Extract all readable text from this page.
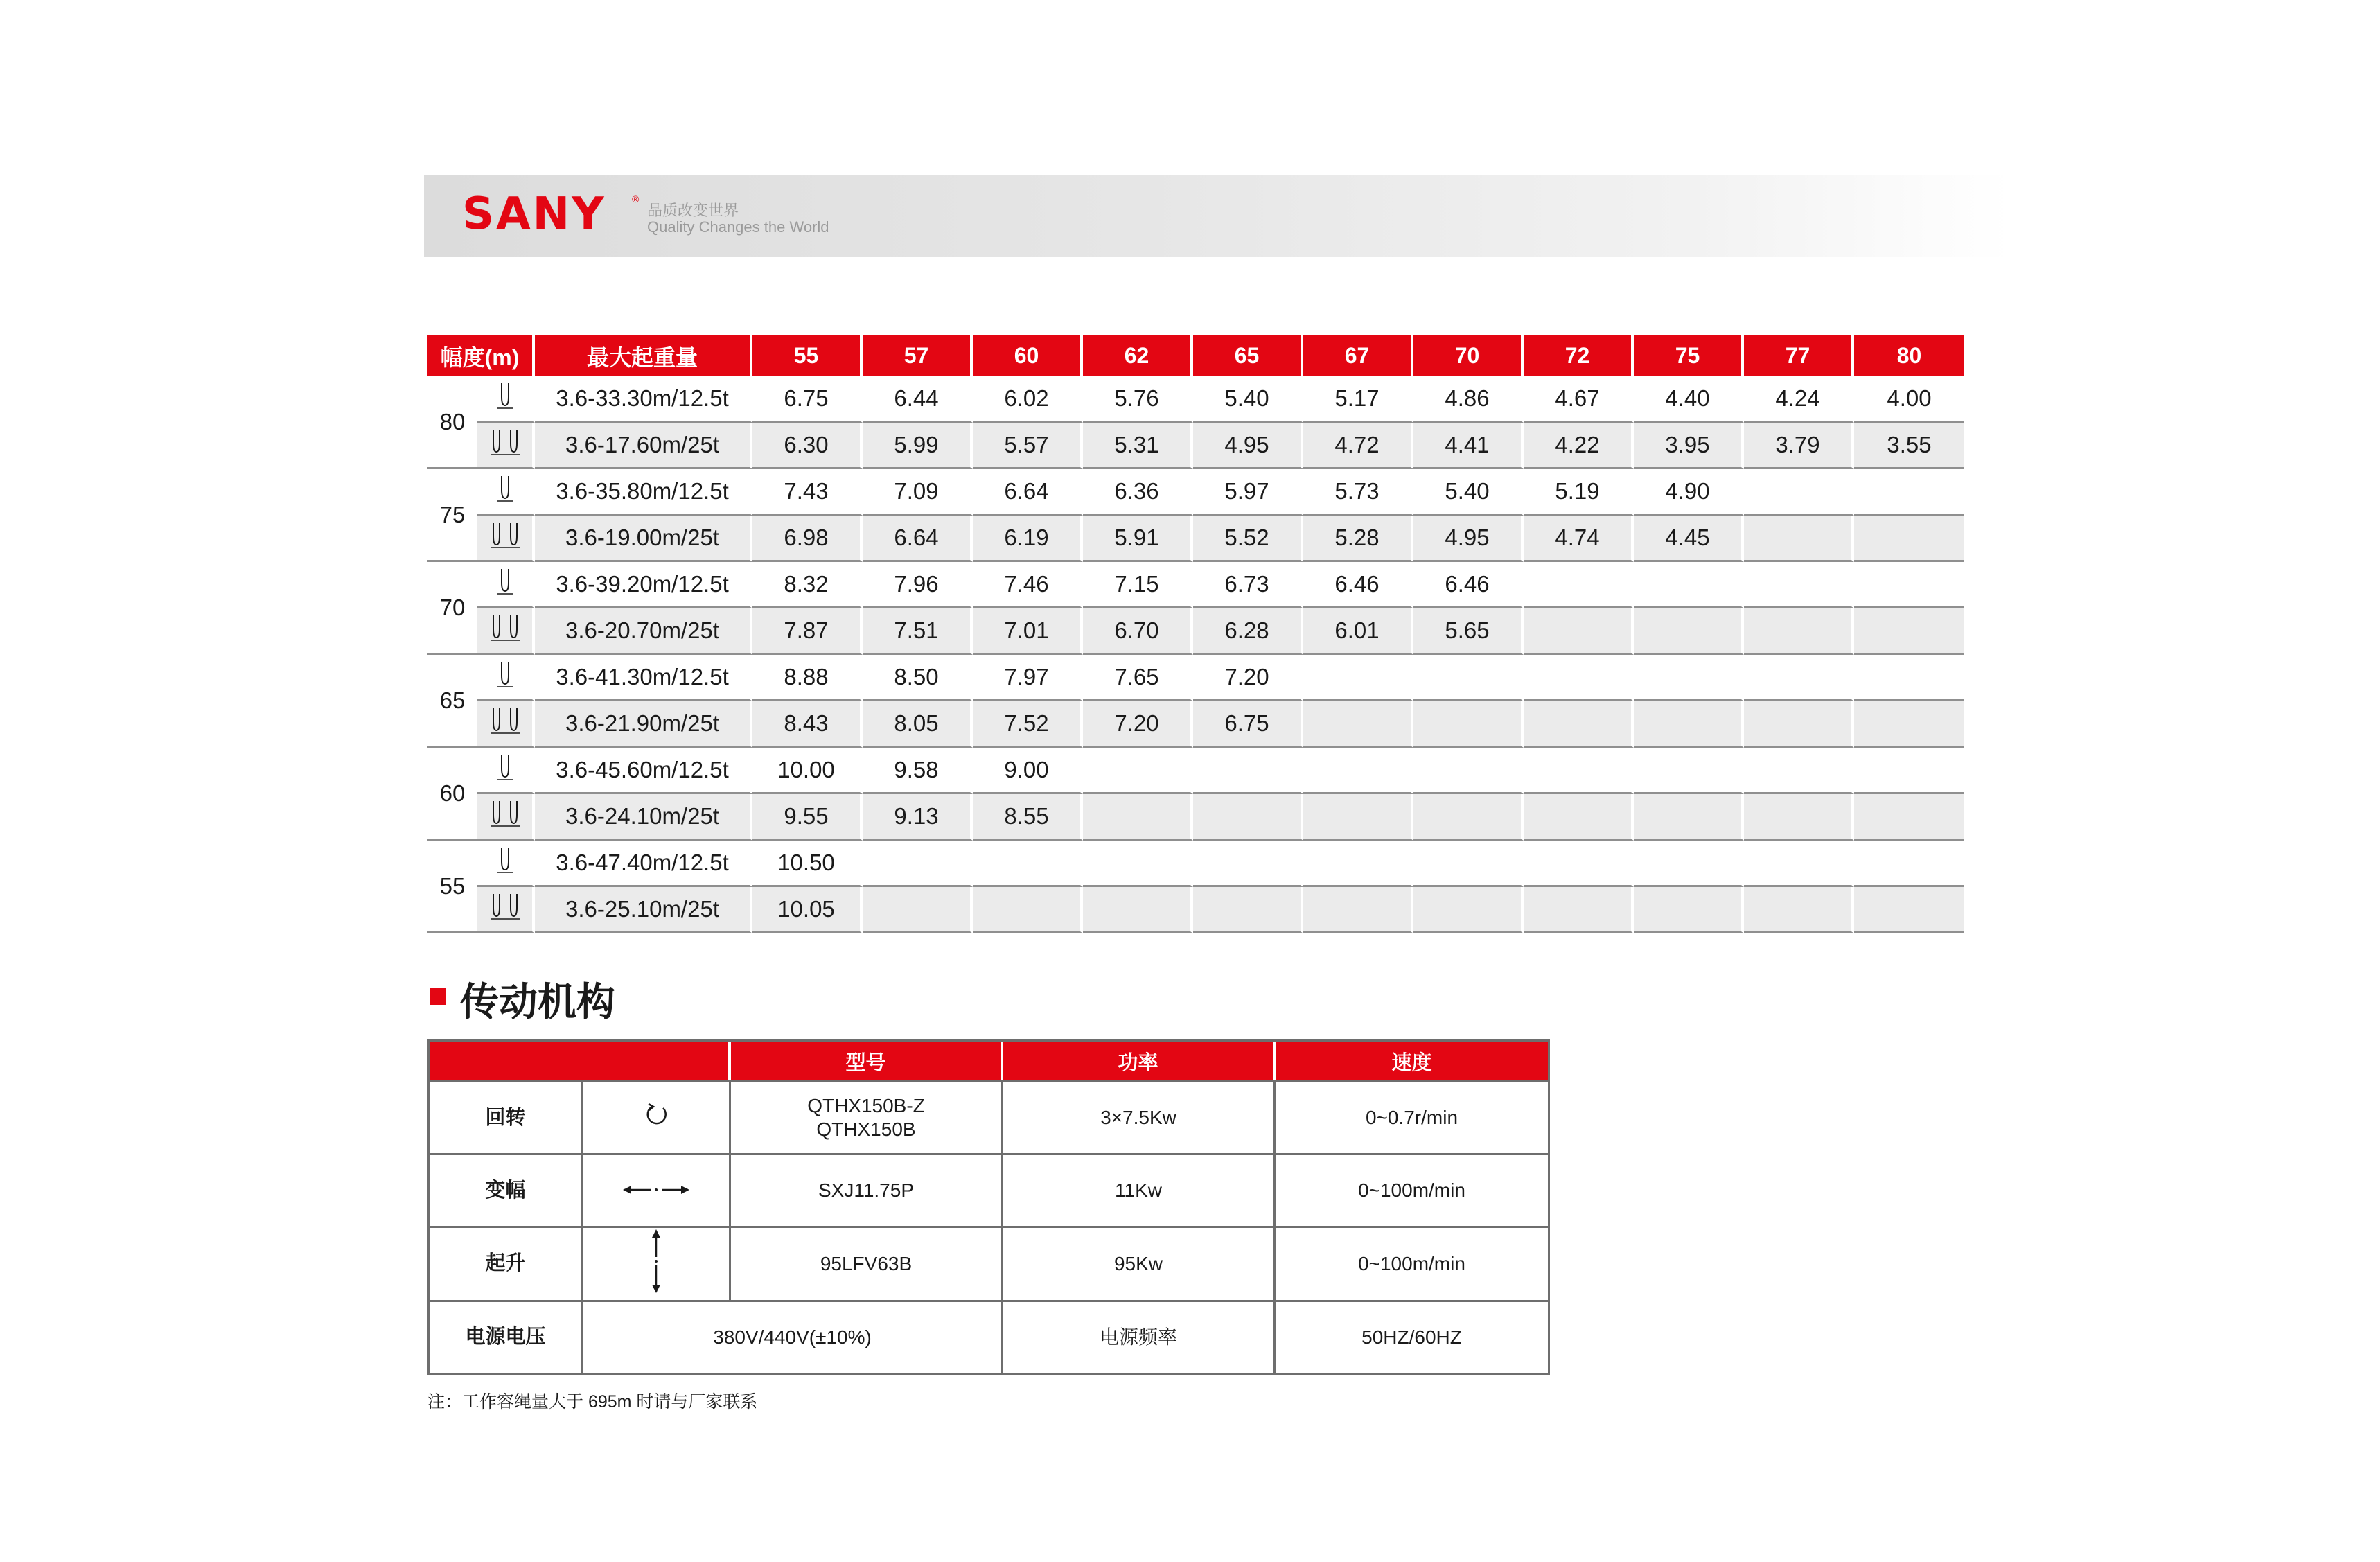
SANY	®
品质改变世界
Quality Changes the World
幅度(m)		最大起重量	55	57	60	62	65	67	70	72	75	77	80
80		3.6-33.30m/12.5t	6.75	6.44	6.02	5.76	5.40	5.17	4.86	4.67	4.40	4.24	4.00
	3.6-17.60m/25t	6.30	5.99	5.57	5.31	4.95	4.72	4.41	4.22	3.95	3.79	3.55
75		3.6-35.80m/12.5t	7.43	7.09	6.64	6.36	5.97	5.73	5.40	5.19	4.90		
	3.6-19.00m/25t	6.98	6.64	6.19	5.91	5.52	5.28	4.95	4.74	4.45		
70		3.6-39.20m/12.5t	8.32	7.96	7.46	7.15	6.73	6.46	6.46				
	3.6-20.70m/25t	7.87	7.51	7.01	6.70	6.28	6.01	5.65				
65		3.6-41.30m/12.5t	8.88	8.50	7.97	7.65	7.20						
	3.6-21.90m/25t	8.43	8.05	7.52	7.20	6.75						
60		3.6-45.60m/12.5t	10.00	9.58	9.00								
	3.6-24.10m/25t	9.55	9.13	8.55								
55		3.6-47.40m/12.5t	10.50										
	3.6-25.10m/25t	10.05										
传动机构
		型号	功率	速度
回转		QTHX150B-Z
QTHX150B	3×7.5Kw	0~0.7r/min
变幅		SXJ11.75P	11Kw	0~100m/min
起升		95LFV63B	95Kw	0~100m/min
电源电压	380V/440V(±10%)		电源频率	50HZ/60HZ
注：工作容绳量大于 695m 时请与厂家联系
